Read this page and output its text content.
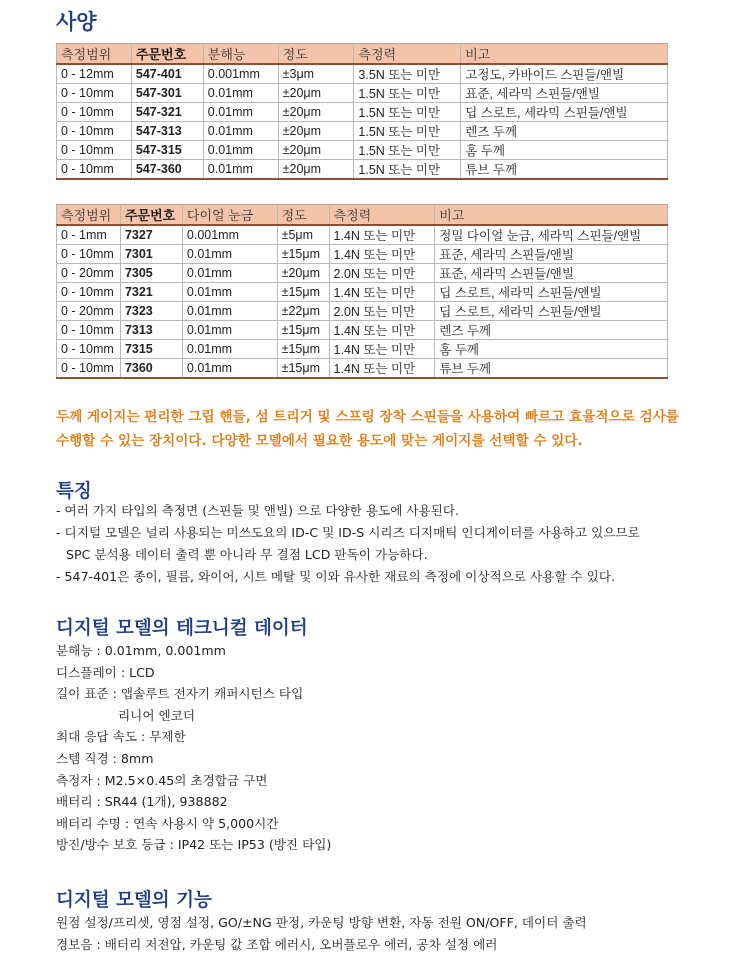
사양
측정범위	주문번호	분해능	정도	측정력	비고
0 - 12mm	547-401	0.001mm	±3μm	3.5N 또는 미만	고정도, 카바이드 스핀들/앤빌
0 - 10mm	547-301	0.01mm	±20μm	1.5N 또는 미만	표준, 세라믹 스핀들/앤빌
0 - 10mm	547-321	0.01mm	±20μm	1.5N 또는 미만	딥 스로트, 세라믹 스핀들/앤빌
0 - 10mm	547-313	0.01mm	±20μm	1.5N 또는 미만	렌즈 두께
0 - 10mm	547-315	0.01mm	±20μm	1.5N 또는 미만	홈 두께
0 - 10mm	547-360	0.01mm	±20μm	1.5N 또는 미만	튜브 두께
측정범위	주문번호	다이얼 눈금	정도	측정력	비고
0 - 1mm	7327	0.001mm	±5μm	1.4N 또는 미만	정밀 다이얼 눈금, 세라믹 스핀들/앤빌
0 - 10mm	7301	0.01mm	±15μm	1.4N 또는 미만	표준, 세라믹 스핀들/앤빌
0 - 20mm	7305	0.01mm	±20μm	2.0N 또는 미만	표준, 세라믹 스핀들/앤빌
0 - 10mm	7321	0.01mm	±15μm	1.4N 또는 미만	딥 스로트, 세라믹 스핀들/앤빌
0 - 20mm	7323	0.01mm	±22μm	2.0N 또는 미만	딥 스로트, 세라믹 스핀들/앤빌
0 - 10mm	7313	0.01mm	±15μm	1.4N 또는 미만	렌즈 두께
0 - 10mm	7315	0.01mm	±15μm	1.4N 또는 미만	홈 두께
0 - 10mm	7360	0.01mm	±15μm	1.4N 또는 미만	튜브 두께
두께 게이지는 편리한 그립 핸들, 섬 트리거 및 스프링 장착 스핀들을 사용하여 빠르고 효율적으로 검사를
수행할 수 있는 장치이다. 다양한 모델에서 필요한 용도에 맞는 게이지를 선택할 수 있다.
특징
- 여러 가지 타입의 측정면 (스핀들 및 앤빌) 으로 다양한 용도에 사용된다.
- 디지털 모델은 널리 사용되는 미쓰도요의 ID-C 및 ID-S 시리즈 디지매틱 인디게이터를 사용하고 있으므로
SPC 분석용 데이터 출력 뿐 아니라 무 결점 LCD 판독이 가능하다.
- 547-401은 종이, 필름, 와이어, 시트 메탈 및 이와 유사한 재료의 측정에 이상적으로 사용할 수 있다.
디지털 모델의 테크니컬 데이터
분해능 : 0.01mm, 0.001mm
디스플레이 : LCD
길이 표준 : 앱솔루트 전자기 캐퍼시턴스 타입
리니어 엔코더
최대 응답 속도 : 무제한
스템 직경 : 8mm
측정자 : M2.5×0.45의 초경합금 구면
배터리 : SR44 (1개), 938882
배터리 수명 : 연속 사용시 약 5,000시간
방진/방수 보호 등급 : IP42 또는 IP53 (방진 타입)
디지털 모델의 기능
원점 설정/프리셋, 영점 설정, GO/±NG 판정, 카운팅 방향 변환, 자동 전원 ON/OFF, 데이터 출력
경보음 : 배터리 저전압, 카운팅 값 조합 에러시, 오버플로우 에러, 공차 설정 에러
